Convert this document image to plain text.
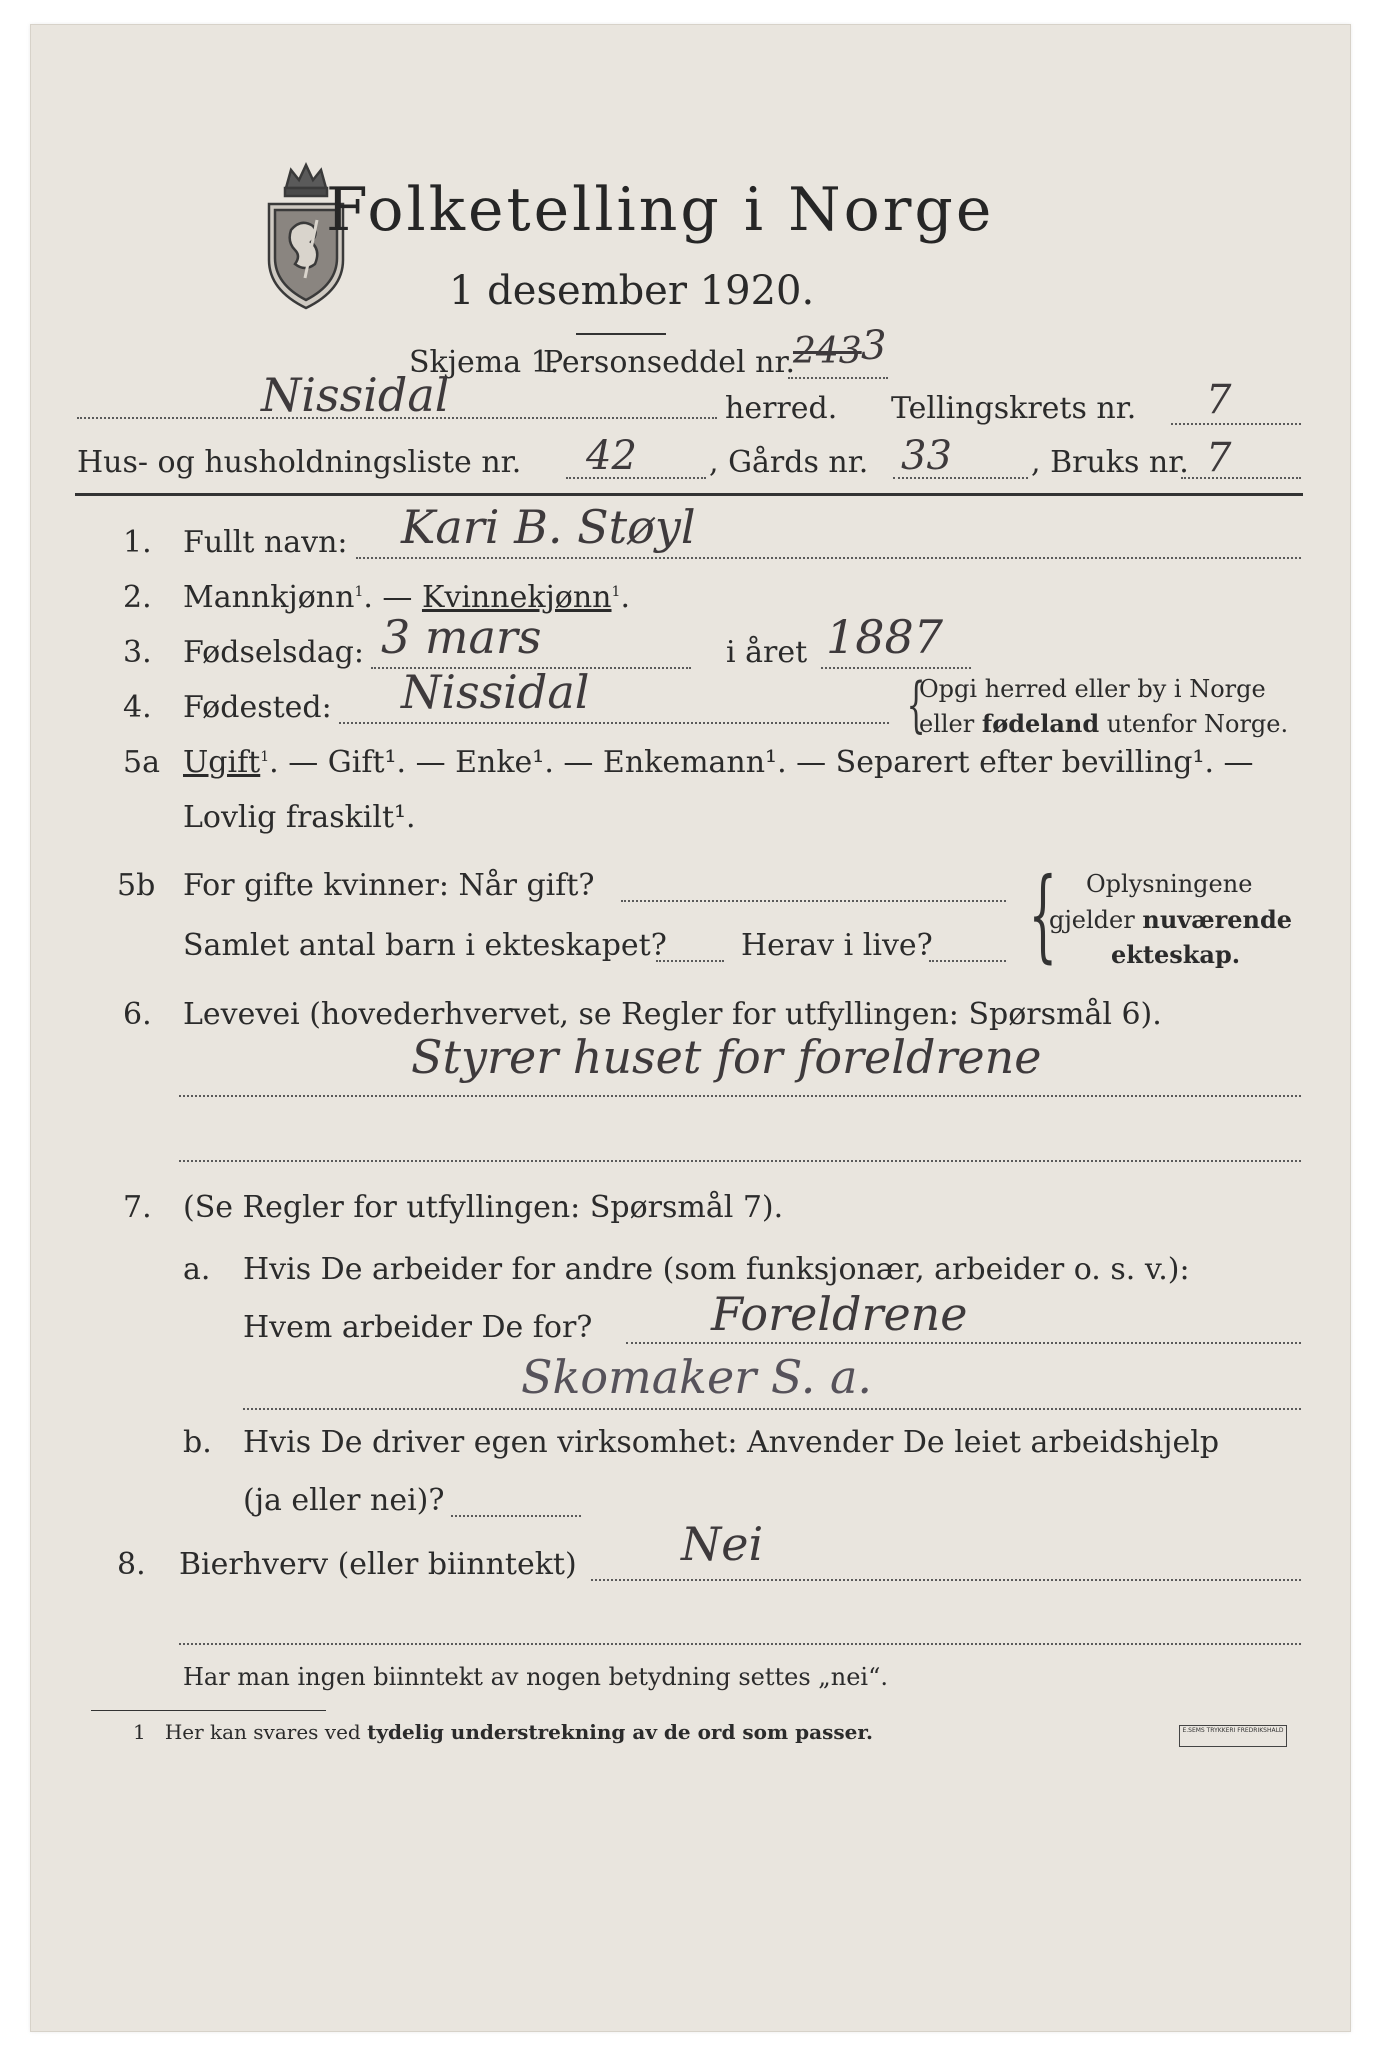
Folketelling i Norge
1 desember 1920.
Skjema 1.
Personseddel nr.
243 3
Nissidal	herred. Tellingskrets nr. 7
Hus- og husholdningsliste nr. 42 , Gårds nr. 33	, Bruks nr. 7
1. Fullt navn: Kari B. Støyl
2. Mannkjønn$^1$. — Kvinnekjønn$^1$.
3. Fødselsdag: 3 mars	i året 1887
4. Fødested: Nissidal	{
Opgi herred eller by i Norge
eller fødeland utenfor Norge.
5a Ugift$^1$. — Gift¹. — Enke¹. — Enkemann¹. — Separert efter bevilling¹. —
Lovlig fraskilt¹.
5b For gifte kvinner: Når gift?
Samlet antal barn i ekteskapet? Herav i live? { Oplysningene
gjelder nuværende
ekteskap.
6. Levevei (hovederhvervet, se Regler for utfyllingen: Spørsmål 6).
Styrer huset for foreldrene
7. (Se Regler for utfyllingen: Spørsmål 7).
a. Hvis De arbeider for andre (som funksjonær, arbeider o. s. v.):
Hvem arbeider De for?	Foreldrene
Skomaker S. a.
b. Hvis De driver egen virksomhet: Anvender De leiet arbeidshjelp
(ja eller nei)?
8. Bierhverv (eller biinntekt) Nei
Har man ingen biinntekt av nogen betydning settes „nei“.
1 Her kan svares ved tydelig understrekning av de ord som passer.	E.SEMS TRYKKERI FREDRIKSHALD
